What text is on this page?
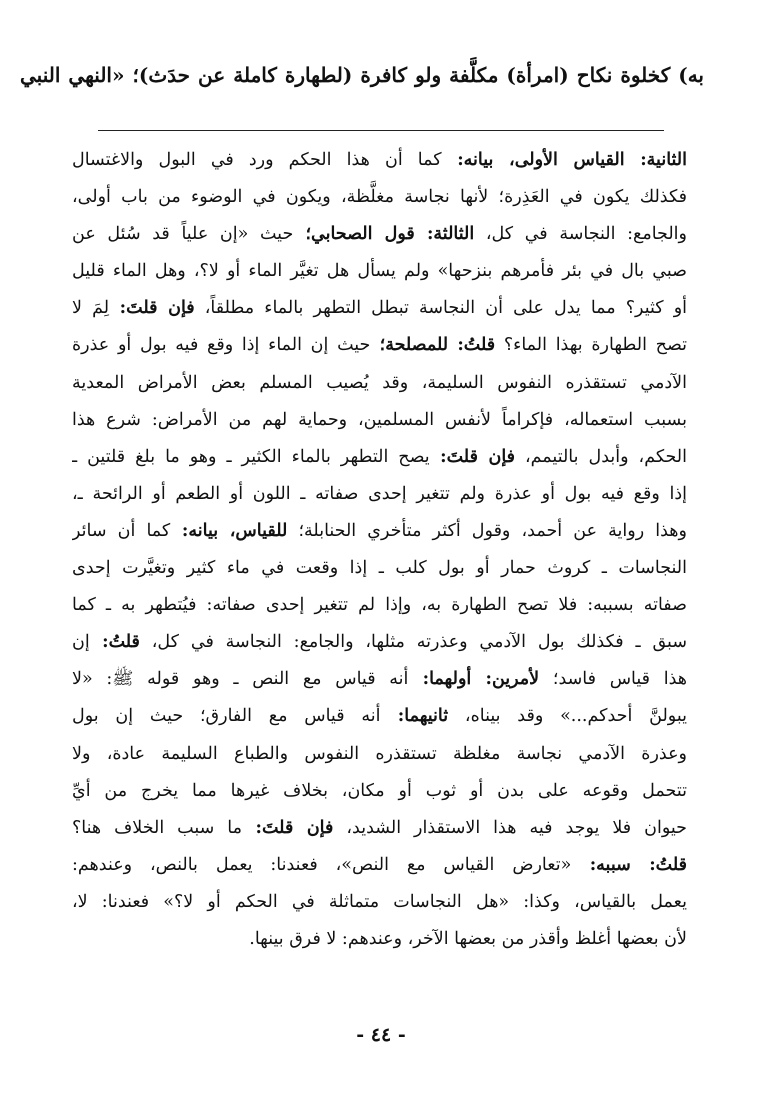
به) كخلوة نكاح (امرأة) مكلَّفة ولو كافرة (لطهارة كاملة عن حدَث)؛ «النهي النبي
الثانية: القياس الأولى، بيانه: كما أن هذا الحكم ورد في البول والاغتسال
فكذلك يكون في العَذِرة؛ لأنها نجاسة مغلَّظة، ويكون في الوضوء من باب أولى،
والجامع: النجاسة في كل، الثالثة: قول الصحابي؛ حيث «إن علياً قد سُئل عن
صبي بال في بئر فأمرهم بنزحها» ولم يسأل هل تغيَّر الماء أو لا؟، وهل الماء قليل
أو كثير؟ مما يدل على أن النجاسة تبطل التطهر بالماء مطلقاً، فإن قلتَ: لِمَ لا
تصح الطهارة بهذا الماء؟ قلتُ: للمصلحة؛ حيث إن الماء إذا وقع فيه بول أو عذرة
الآدمي تستقذره النفوس السليمة، وقد يُصيب المسلم بعض الأمراض المعدية
بسبب استعماله، فإكراماً لأنفس المسلمين، وحماية لهم من الأمراض: شرع هذا
الحكم، وأبدل بالتيمم، فإن قلتَ: يصح التطهر بالماء الكثير ـ وهو ما بلغ قلتين ـ
إذا وقع فيه بول أو عذرة ولم تتغير إحدى صفاته ـ اللون أو الطعم أو الرائحة ـ،
وهذا رواية عن أحمد، وقول أكثر متأخري الحنابلة؛ للقياس، بيانه: كما أن سائر
النجاسات ـ كروث حمار أو بول كلب ـ إذا وقعت في ماء كثير وتغيَّرت إحدى
صفاته بسببه: فلا تصح الطهارة به، وإذا لم تتغير إحدى صفاته: فيُتطهر به ـ كما
سبق ـ فكذلك بول الآدمي وعذرته مثلها، والجامع: النجاسة في كل، قلتُ: إن
هذا قياس فاسد؛ لأمرين: أولهما: أنه قياس مع النص ـ وهو قوله ﷺ: «لا
يبولنَّ أحدكم...» وقد بيناه، ثانيهما: أنه قياس مع الفارق؛ حيث إن بول
وعذرة الآدمي نجاسة مغلظة تستقذره النفوس والطباع السليمة عادة، ولا
تتحمل وقوعه على بدن أو ثوب أو مكان، بخلاف غيرها مما يخرج من أيِّ
حيوان فلا يوجد فيه هذا الاستقذار الشديد، فإن قلتَ: ما سبب الخلاف هنا؟
قلتُ: سببه: «تعارض القياس مع النص»، فعندنا: يعمل بالنص، وعندهم:
يعمل بالقياس، وكذا: «هل النجاسات متماثلة في الحكم أو لا؟» فعندنا: لا،
لأن بعضها أغلظ وأقذر من بعضها الآخر، وعندهم: لا فرق بينها.
- ٤٤ -
